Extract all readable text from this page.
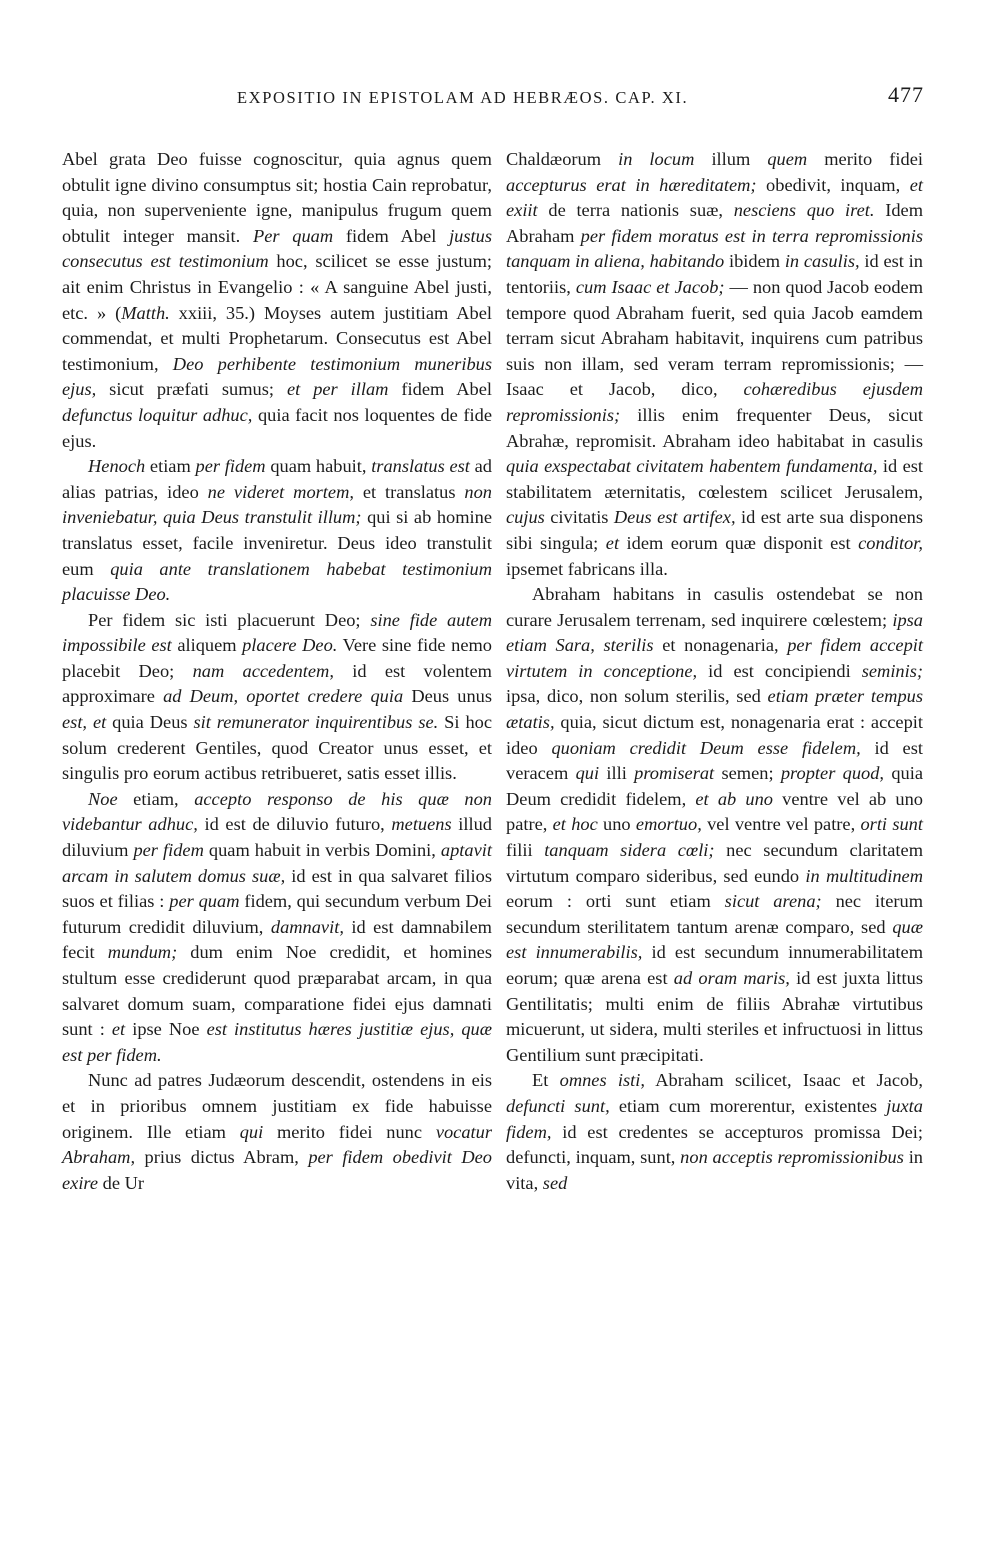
EXPOSITIO IN EPISTOLAM AD HEBRÆOS. CAP. XI.	477

Abel grata Deo fuisse cognoscitur, quia agnus quem obtulit igne divino consumptus sit; hostia Cain reprobatur, quia, non superveniente igne, manipulus frugum quem obtulit integer mansit. Per quam fidem Abel justus consecutus est testimonium hoc, scilicet se esse justum; ait enim Christus in Evangelio : « A sanguine Abel justi, etc. » (Matth. xxiii, 35.) Moyses autem justitiam Abel commendat, et multi Prophetarum. Consecutus est Abel testimonium, Deo perhibente testimonium muneribus ejus, sicut præfati sumus; et per illam fidem Abel defunctus loquitur adhuc, quia facit nos loquentes de fide ejus.

Henoch etiam per fidem quam habuit, translatus est ad alias patrias, ideo ne videret mortem, et translatus non inveniebatur, quia Deus transtulit illum; qui si ab homine translatus esset, facile inveniretur. Deus ideo transtulit eum quia ante translationem habebat testimonium placuisse Deo.

Per fidem sic isti placuerunt Deo; sine fide autem impossibile est aliquem placere Deo. Vere sine fide nemo placebit Deo; nam accedentem, id est volentem approximare ad Deum, oportet credere quia Deus unus est, et quia Deus sit remunerator inquirentibus se. Si hoc solum crederent Gentiles, quod Creator unus esset, et singulis pro eorum actibus retribueret, satis esset illis.

Noe etiam, accepto responso de his quæ non videbantur adhuc, id est de diluvio futuro, metuens illud diluvium per fidem quam habuit in verbis Domini, aptavit arcam in salutem domus suæ, id est in qua salvaret filios suos et filias : per quam fidem, qui secundum verbum Dei futurum credidit diluvium, damnavit, id est damnabilem fecit mundum; dum enim Noe credidit, et homines stultum esse crediderunt quod præparabat arcam, in qua salvaret domum suam, comparatione fidei ejus damnati sunt : et ipse Noe est institutus hæres justitiæ ejus, quæ est per fidem.

Nunc ad patres Judæorum descendit, ostendens in eis et in prioribus omnem justitiam ex fide habuisse originem. Ille etiam qui merito fidei nunc vocatur Abraham, prius dictus Abram, per fidem obedivit Deo exire de Ur

Chaldæorum in locum illum quem merito fidei accepturus erat in hæreditatem; obedivit, inquam, et exiit de terra nationis suæ, nesciens quo iret. Idem Abraham per fidem moratus est in terra repromissionis tanquam in aliena, habitando ibidem in casulis, id est in tentoriis, cum Isaac et Jacob; — non quod Jacob eodem tempore quod Abraham fuerit, sed quia Jacob eamdem terram sicut Abraham habitavit, inquirens cum patribus suis non illam, sed veram terram repromissionis; — Isaac et Jacob, dico, cohæredibus ejusdem repromissionis; illis enim frequenter Deus, sicut Abrahæ, repromisit. Abraham ideo habitabat in casulis quia exspectabat civitatem habentem fundamenta, id est stabilitatem æternitatis, cœlestem scilicet Jerusalem, cujus civitatis Deus est artifex, id est arte sua disponens sibi singula; et idem eorum quæ disponit est conditor, ipsemet fabricans illa.

Abraham habitans in casulis ostendebat se non curare Jerusalem terrenam, sed inquirere cœlestem; ipsa etiam Sara, sterilis et nonagenaria, per fidem accepit virtutem in conceptione, id est concipiendi seminis; ipsa, dico, non solum sterilis, sed etiam præter tempus ætatis, quia, sicut dictum est, nonagenaria erat : accepit ideo quoniam credidit Deum esse fidelem, id est veracem qui illi promiserat semen; propter quod, quia Deum credidit fidelem, et ab uno ventre vel ab uno patre, et hoc uno emortuo, vel ventre vel patre, orti sunt filii tanquam sidera cœli; nec secundum claritatem virtutum comparo sideribus, sed eundo in multitudinem eorum : orti sunt etiam sicut arena; nec iterum secundum sterilitatem tantum arenæ comparo, sed quæ est innumerabilis, id est secundum innumerabilitatem eorum; quæ arena est ad oram maris, id est juxta littus Gentilitatis; multi enim de filiis Abrahæ virtutibus micuerunt, ut sidera, multi steriles et infructuosi in littus Gentilium sunt præcipitati.

Et omnes isti, Abraham scilicet, Isaac et Jacob, defuncti sunt, etiam cum morerentur, existentes juxta fidem, id est credentes se accepturos promissa Dei; defuncti, inquam, sunt, non acceptis repromissionibus in vita, sed
